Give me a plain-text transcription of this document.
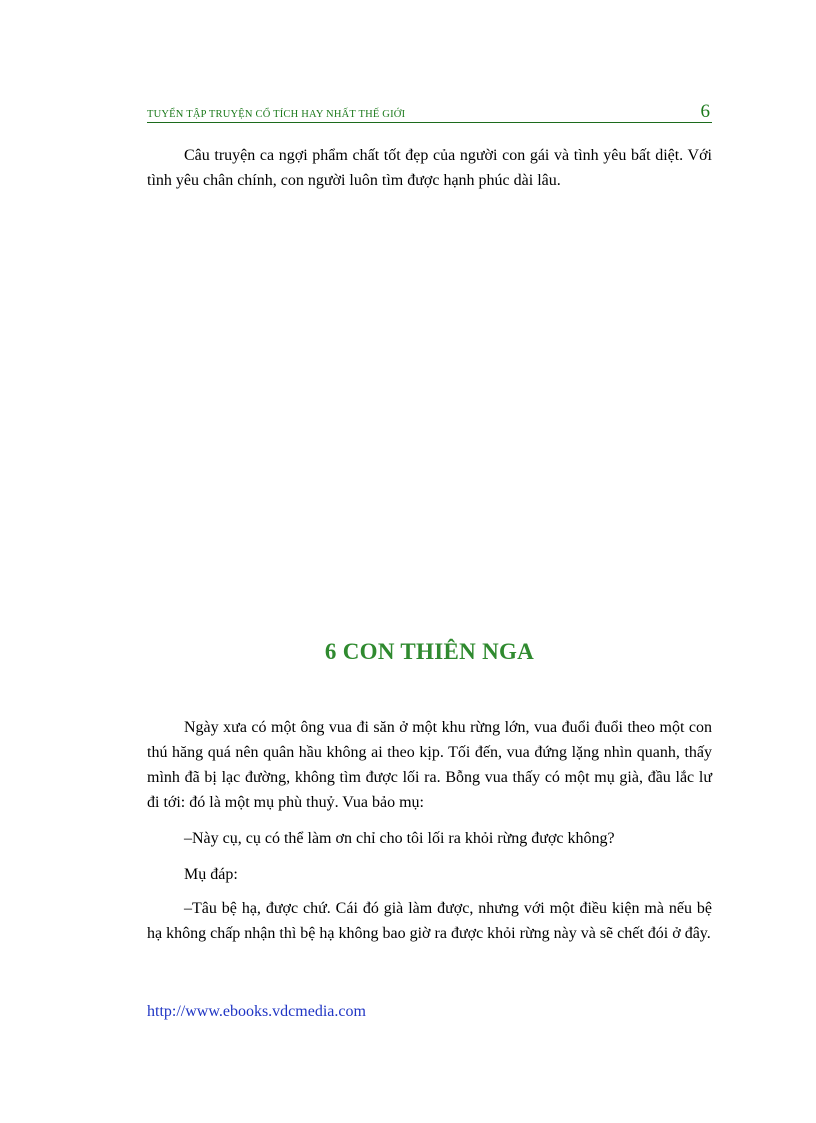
TUYỂN TẬP TRUYỆN CỔ TÍCH HAY NHẤT THẾ GIỚI	6

Câu truyện ca ngợi phẩm chất tốt đẹp của người con gái và tình yêu bất diệt. Với tình yêu chân chính, con người luôn tìm được hạnh phúc dài lâu.

6 CON THIÊN NGA

Ngày xưa có một ông vua đi săn ở một khu rừng lớn, vua đuổi đuổi theo một con thú hăng quá nên quân hầu không ai theo kịp. Tối đến, vua đứng lặng nhìn quanh, thấy mình đã bị lạc đường, không tìm được lối ra. Bỗng vua thấy có một mụ già, đầu lắc lư đi tới: đó là một mụ phù thuỷ. Vua bảo mụ:

–Này cụ, cụ có thể làm ơn chỉ cho tôi lối ra khỏi rừng được không?

Mụ đáp:

–Tâu bệ hạ, được chứ. Cái đó già làm được, nhưng với một điều kiện mà nếu bệ hạ không chấp nhận thì bệ hạ không bao giờ ra được khỏi rừng này và sẽ chết đói ở đây.

http://www.ebooks.vdcmedia.com
